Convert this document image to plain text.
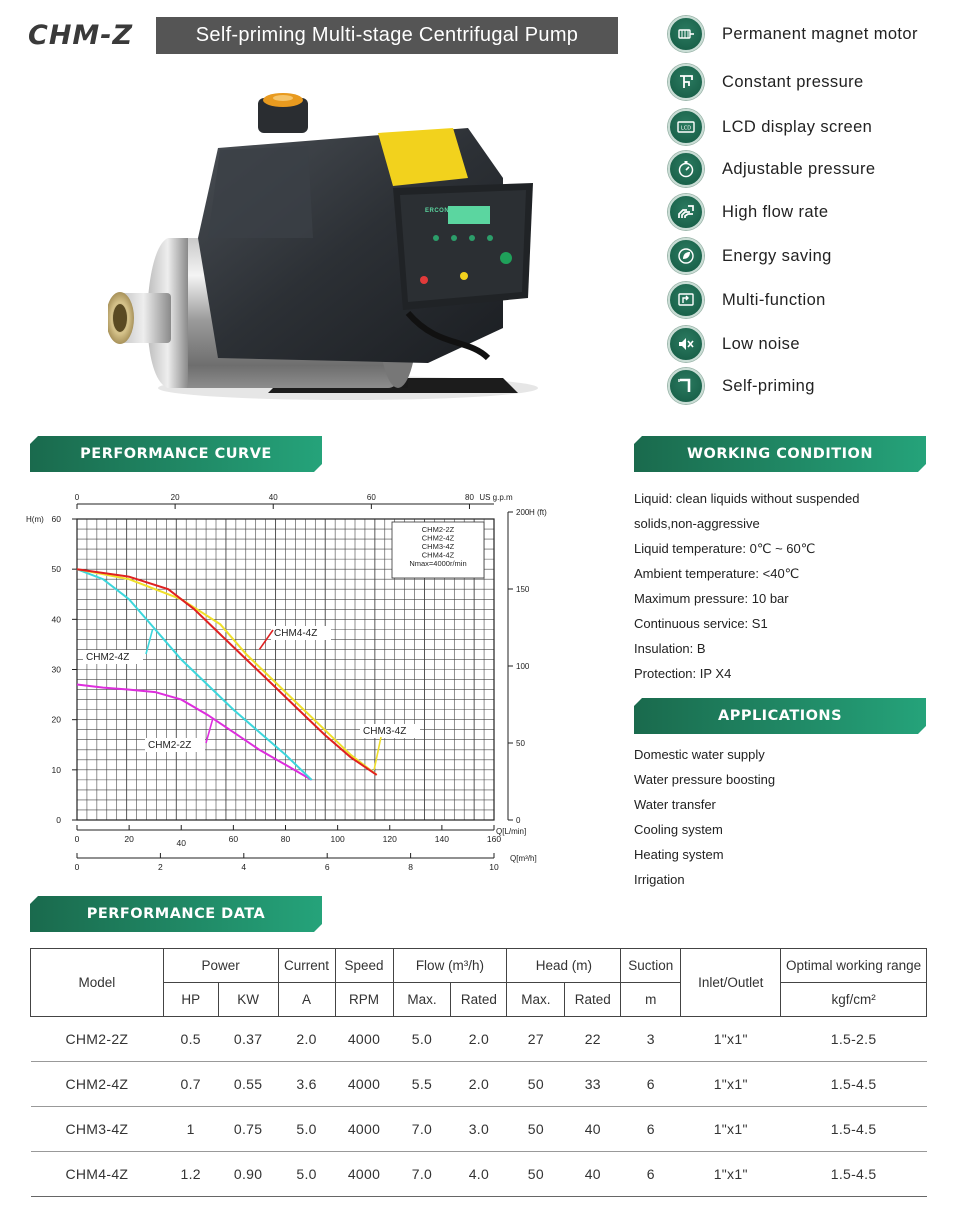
CHM-Z	Self-priming Multi-stage Centrifugal Pump
ERCON
Permanent magnet motor
Constant pressure
LCD LCD display screen
Adjustable pressure
High flow rate
Energy saving
Multi-function
Low noise
Self-priming
PERFORMANCE CURVE	WORKING CONDITION
APPLICATIONS
PERFORMANCE DATA
0
10
20
30
40
50
60
H(m)
0
50
100
150
200 H (ft)
0	20	40	60	80 US g.p.m
0	20	40	60	80	100	120	140	160
Q[L/min]
0	2	4	6	8	10
Q[m³/h]
CHM2-2Z
CHM2-4Z
CHM3-4Z
CHM4-4Z
Nmax=4000r/min
CHM4-4Z
CHM2-4Z
CHM2-2Z
CHM3-4Z
Liquid: clean liquids without suspended
solids,non-aggressive
Liquid temperature: 0℃ ~ 60℃
Ambient temperature: <40℃
Maximum pressure: 10 bar
Continuous service: S1
Insulation: B
Protection: IP X4
Domestic water supply
Water pressure boosting
Water transfer
Cooling system
Heating system
Irrigation
Model	Power		Current	Speed	Flow (m³/h)		Head (m)		Suction	Inlet/Outlet	Optimal working range
	HP	KW	A	RPM	Max.	Rated	Max.	Rated	m		kgf/cm²
CHM2-2Z	0.5	0.37	2.0	4000	5.0	2.0	27	22	3	1"x1"	1.5-2.5
CHM2-4Z	0.7	0.55	3.6	4000	5.5	2.0	50	33	6	1"x1"	1.5-4.5
CHM3-4Z	1	0.75	5.0	4000	7.0	3.0	50	40	6	1"x1"	1.5-4.5
CHM4-4Z	1.2	0.90	5.0	4000	7.0	4.0	50	40	6	1"x1"	1.5-4.5
